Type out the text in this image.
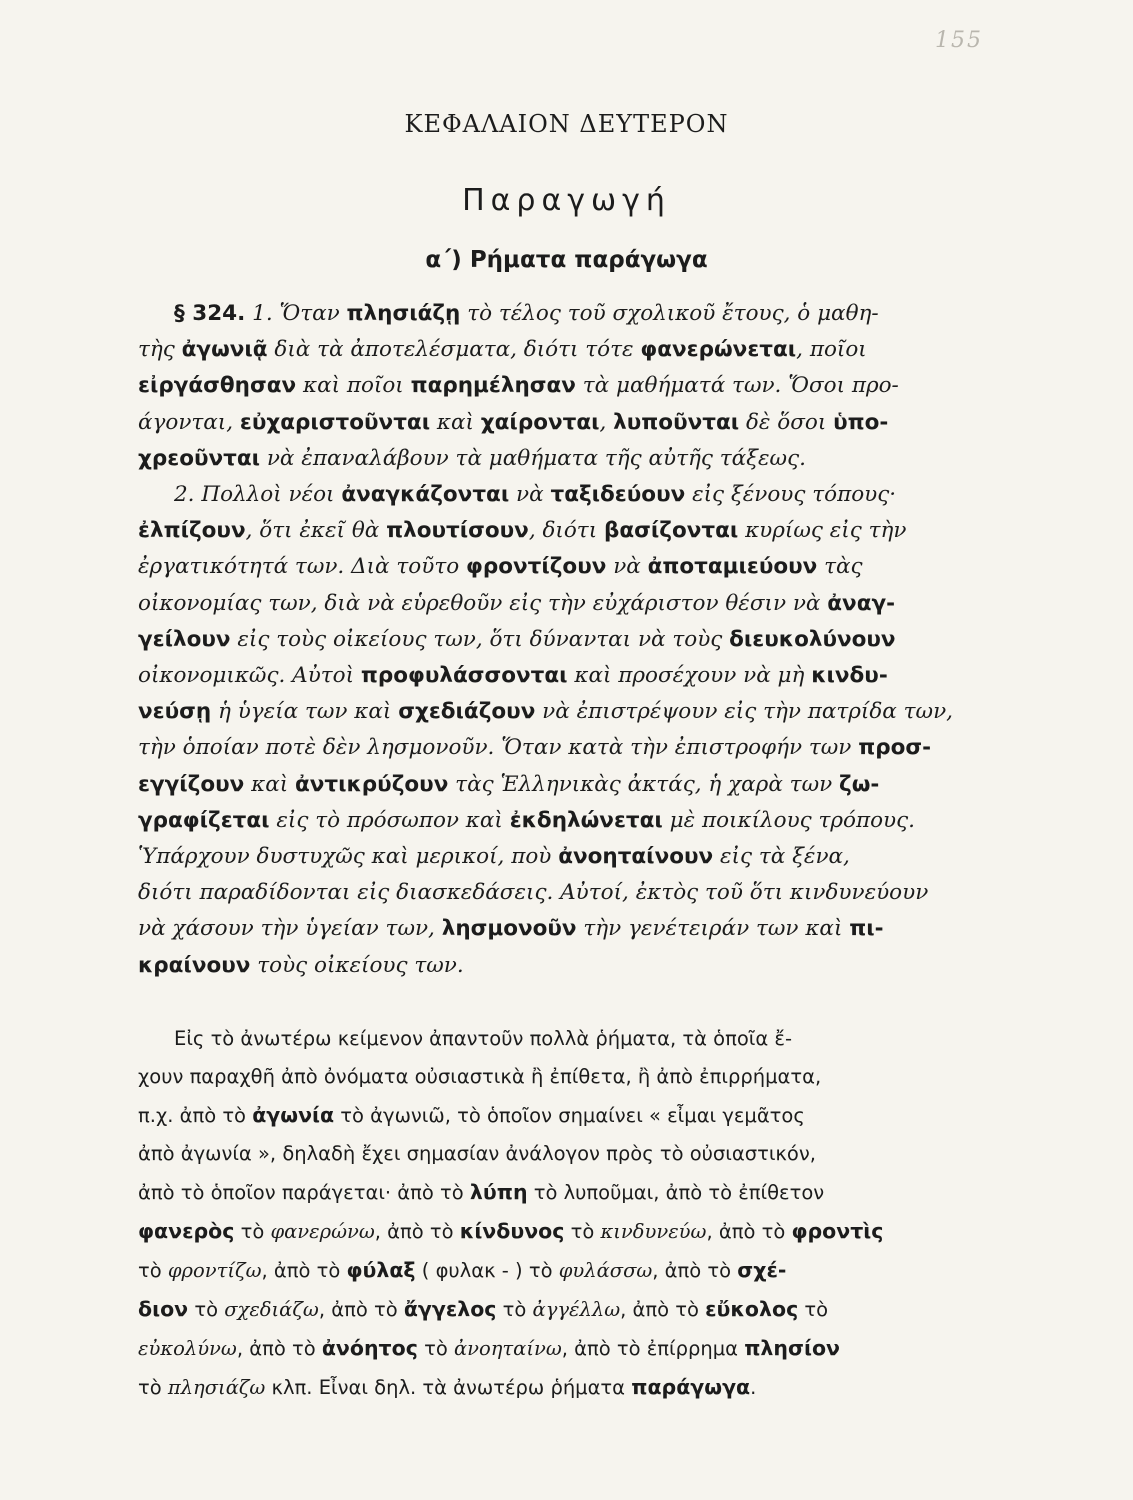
155
ΚΕΦΑΛΑΙΟΝ ΔΕΥΤΕΡΟΝ
Παραγωγή
α΄) Ρήματα παράγωγα
§ 324. 1. Ὅταν πλησιάζῃ τὸ τέλος τοῦ σχολικοῦ ἔτους, ὁ μαθη-
τὴς ἀγωνιᾷ διὰ τὰ ἀποτελέσματα, διότι τότε φανερώνεται, ποῖοι
εἰργάσθησαν καὶ ποῖοι παρημέλησαν τὰ μαθήματά των. Ὅσοι προ-
άγονται, εὐχαριστοῦνται καὶ χαίρονται, λυποῦνται δὲ ὅσοι ὑπο-
χρεοῦνται νὰ ἐπαναλάβουν τὰ μαθήματα τῆς αὐτῆς τάξεως.
2. Πολλοὶ νέοι ἀναγκάζονται νὰ ταξιδεύουν εἰς ξένους τόπους·
ἐλπίζουν, ὅτι ἐκεῖ θὰ πλουτίσουν, διότι βασίζονται κυρίως εἰς τὴν
ἐργατικότητά των. Διὰ τοῦτο φροντίζουν νὰ ἀποταμιεύουν τὰς
οἰκονομίας των, διὰ νὰ εὑρεθοῦν εἰς τὴν εὐχάριστον θέσιν νὰ ἀναγ-
γείλουν εἰς τοὺς οἰκείους των, ὅτι δύνανται νὰ τοὺς διευκολύνουν
οἰκονομικῶς. Αὐτοὶ προφυλάσσονται καὶ προσέχουν νὰ μὴ κινδυ-
νεύσῃ ἡ ὑγεία των καὶ σχεδιάζουν νὰ ἐπιστρέψουν εἰς τὴν πατρίδα των,
τὴν ὁποίαν ποτὲ δὲν λησμονοῦν. Ὅταν κατὰ τὴν ἐπιστροφήν των προσ-
εγγίζουν καὶ ἀντικρύζουν τὰς Ἑλληνικὰς ἀκτάς, ἡ χαρὰ των ζω-
γραφίζεται εἰς τὸ πρόσωπον καὶ ἐκδηλώνεται μὲ ποικίλους τρόπους.
Ὑπάρχουν δυστυχῶς καὶ μερικοί, ποὺ ἀνοηταίνουν εἰς τὰ ξένα,
διότι παραδίδονται εἰς διασκεδάσεις. Αὐτοί, ἐκτὸς τοῦ ὅτι κινδυνεύουν
νὰ χάσουν τὴν ὑγείαν των, λησμονοῦν τὴν γενέτειράν των καὶ πι-
κραίνουν τοὺς οἰκείους των.
Εἰς τὸ ἀνωτέρω κείμενον ἀπαντοῦν πολλὰ ῥήματα, τὰ ὁποῖα ἔ-
χουν παραχθῆ ἀπὸ ὀνόματα οὐσιαστικὰ ἢ ἐπίθετα, ἢ ἀπὸ ἐπιρρήματα,
π.χ. ἀπὸ τὸ ἀγωνία τὸ ἀγωνιῶ, τὸ ὁποῖον σημαίνει « εἶμαι γεμᾶτος
ἀπὸ ἀγωνία », δηλαδὴ ἔχει σημασίαν ἀνάλογον πρὸς τὸ οὐσιαστικόν,
ἀπὸ τὸ ὁποῖον παράγεται· ἀπὸ τὸ λύπη τὸ λυποῦμαι, ἀπὸ τὸ ἐπίθετον
φανερὸς τὸ φανερώνω, ἀπὸ τὸ κίνδυνος τὸ κινδυνεύω, ἀπὸ τὸ φροντὶς
τὸ φροντίζω, ἀπὸ τὸ φύλαξ ( φυλακ - ) τὸ φυλάσσω, ἀπὸ τὸ σχέ-
διον τὸ σχεδιάζω, ἀπὸ τὸ ἄγγελος τὸ ἀγγέλλω, ἀπὸ τὸ εὔκολος τὸ
εὐκολύνω, ἀπὸ τὸ ἀνόητος τὸ ἀνοηταίνω, ἀπὸ τὸ ἐπίρρημα πλησίον
τὸ πλησιάζω κλπ. Εἶναι δηλ. τὰ ἀνωτέρω ῥήματα παράγωγα.
